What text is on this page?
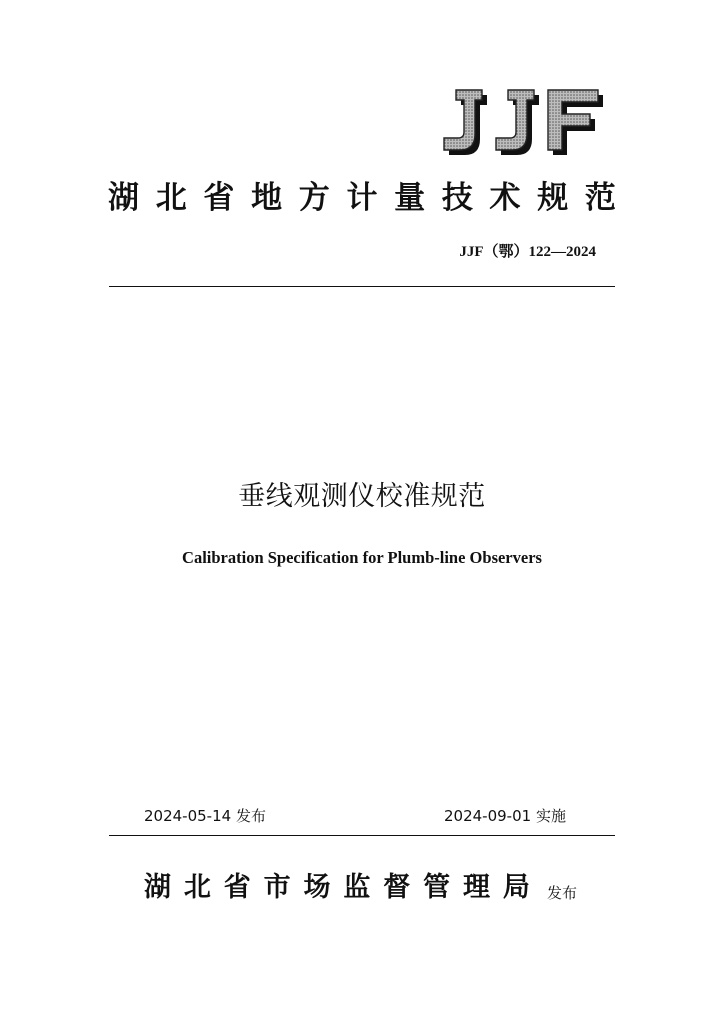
JJF
湖 北 省 地 方 计 量 技 术 规 范
JJF（鄂）122—2024
垂线观测仪校准规范
Calibration Specification for Plumb-line Observers
2024-05-14 发布	2024-09-01 实施
湖 北 省 市 场 监 督 管 理 局 发布
